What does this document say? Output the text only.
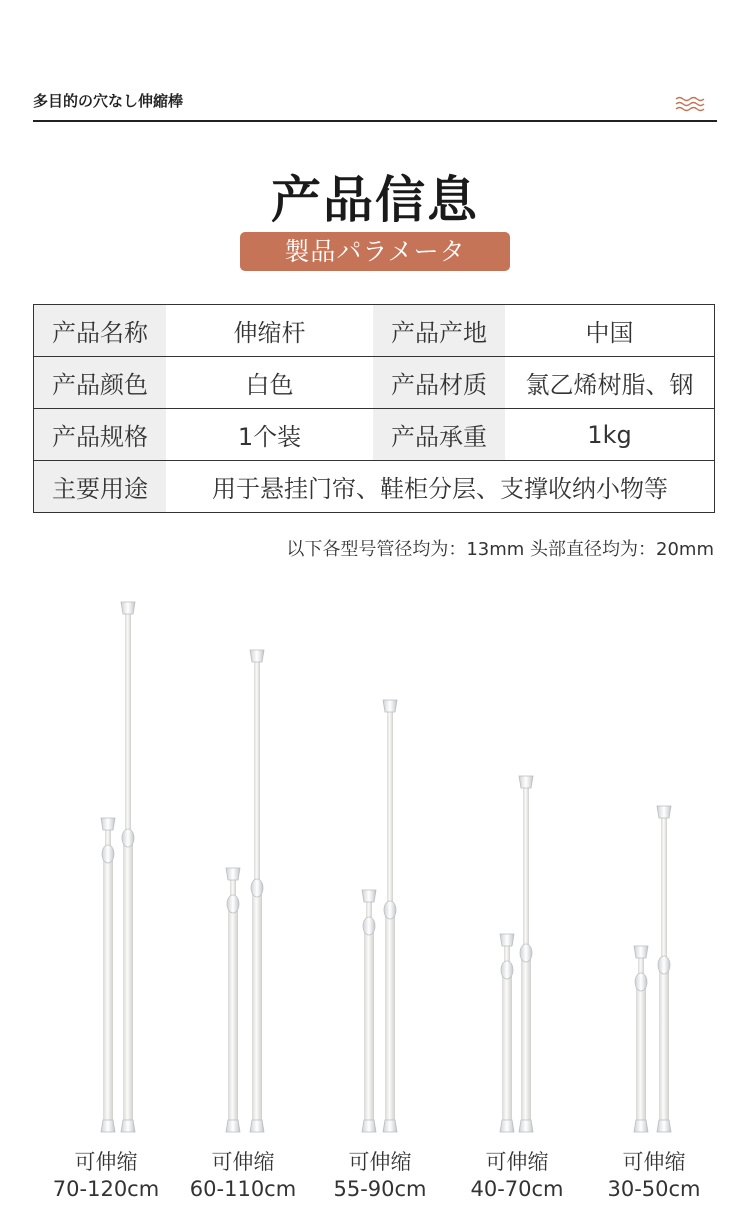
多目的の穴なし伸縮棒
产品信息
製品パラメータ
产品名称	伸缩杆	产品产地	中国
产品颜色	白色	产品材质	氯乙烯树脂、钢
产品规格	1个装	产品承重	1kg
主要用途	用于悬挂门帘、鞋柜分层、支撑收纳小物等		
以下各型号管径均为：13mm 头部直径均为：20mm
可伸缩
70-120cm
可伸缩
60-110cm
可伸缩
55-90cm
可伸缩
40-70cm
可伸缩
30-50cm
